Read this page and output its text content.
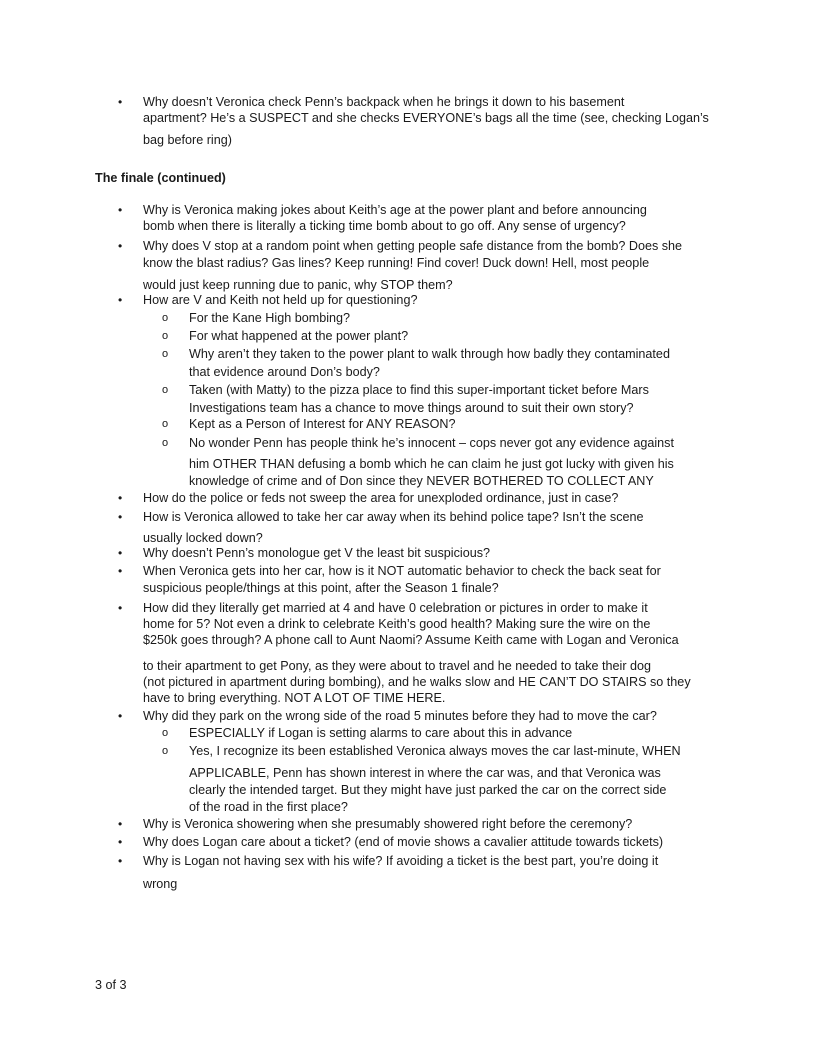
•	Why doesn’t Veronica check Penn’s backpack when he brings it down to his basement
apartment? He’s a SUSPECT and she checks EVERYONE’s bags all the time (see, checking Logan’s
bag before ring)
The finale (continued)
•	Why is Veronica making jokes about Keith’s age at the power plant and before announcing
bomb when there is literally a ticking time bomb about to go off. Any sense of urgency?
•	Why does V stop at a random point when getting people safe distance from the bomb? Does she
know the blast radius? Gas lines? Keep running! Find cover! Duck down! Hell, most people
would just keep running due to panic, why STOP them?
•	How are V and Keith not held up for questioning?
o	For the Kane High bombing?
o	For what happened at the power plant?
o	Why aren’t they taken to the power plant to walk through how badly they contaminated
that evidence around Don’s body?
o	Taken (with Matty) to the pizza place to find this super-important ticket before Mars
Investigations team has a chance to move things around to suit their own story?
o	Kept as a Person of Interest for ANY REASON?
o	No wonder Penn has people think he’s innocent – cops never got any evidence against
him OTHER THAN defusing a bomb which he can claim he just got lucky with given his
knowledge of crime and of Don since they NEVER BOTHERED TO COLLECT ANY
•	How do the police or feds not sweep the area for unexploded ordinance, just in case?
•	How is Veronica allowed to take her car away when its behind police tape? Isn’t the scene
usually locked down?
•	Why doesn’t Penn’s monologue get V the least bit suspicious?
•	When Veronica gets into her car, how is it NOT automatic behavior to check the back seat for
suspicious people/things at this point, after the Season 1 finale?
•	How did they literally get married at 4 and have 0 celebration or pictures in order to make it
home for 5? Not even a drink to celebrate Keith’s good health? Making sure the wire on the
$250k goes through? A phone call to Aunt Naomi? Assume Keith came with Logan and Veronica
to their apartment to get Pony, as they were about to travel and he needed to take their dog
(not pictured in apartment during bombing), and he walks slow and HE CAN’T DO STAIRS so they
have to bring everything. NOT A LOT OF TIME HERE.
•	Why did they park on the wrong side of the road 5 minutes before they had to move the car?
o	ESPECIALLY if Logan is setting alarms to care about this in advance
o	Yes, I recognize its been established Veronica always moves the car last-minute, WHEN
APPLICABLE, Penn has shown interest in where the car was, and that Veronica was
clearly the intended target. But they might have just parked the car on the correct side
of the road in the first place?
•	Why is Veronica showering when she presumably showered right before the ceremony?
•	Why does Logan care about a ticket? (end of movie shows a cavalier attitude towards tickets)
•	Why is Logan not having sex with his wife? If avoiding a ticket is the best part, you’re doing it
wrong
3 of 3
